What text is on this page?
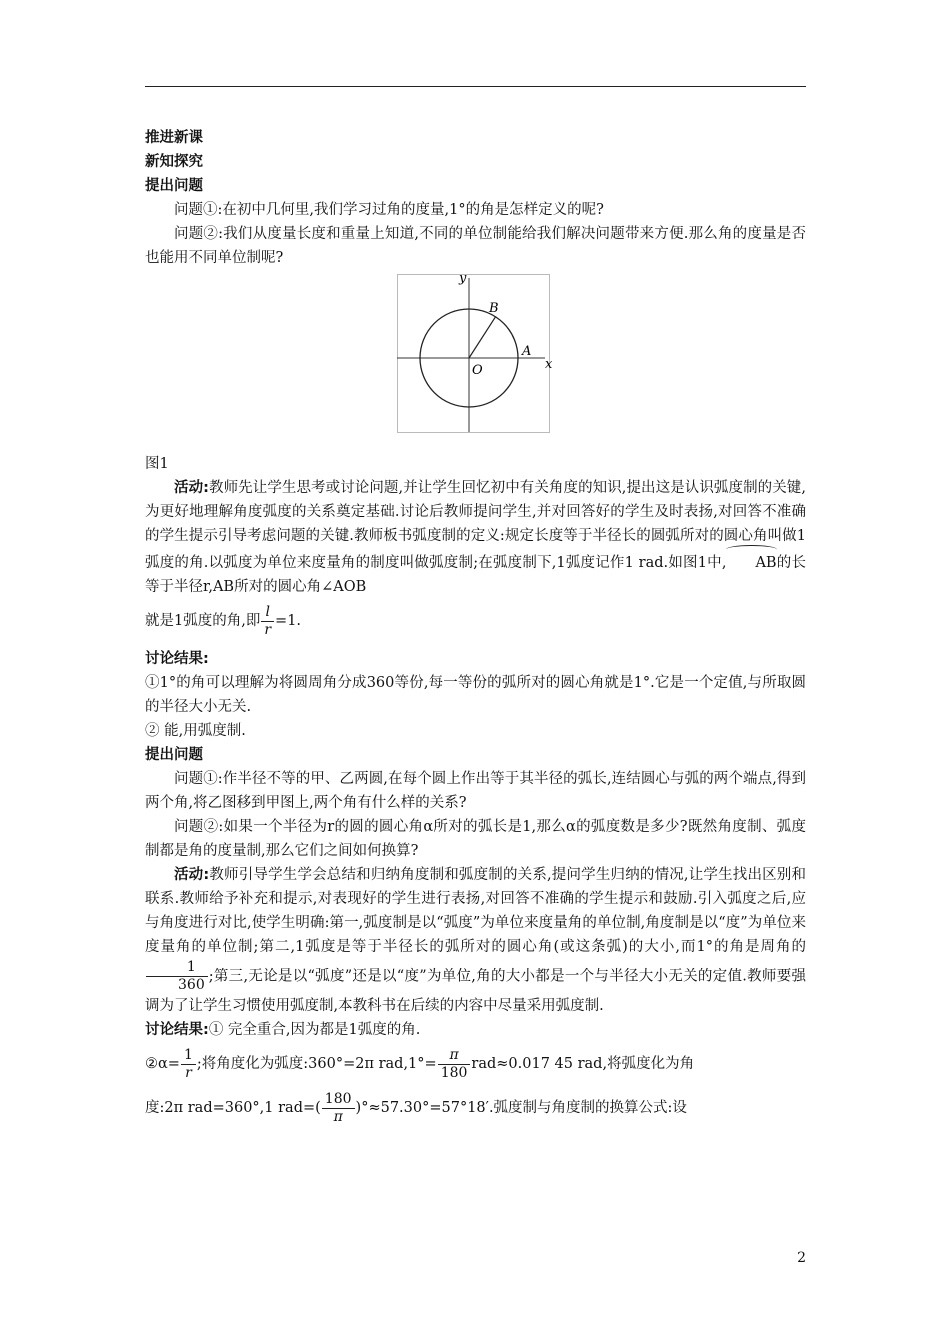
推进新课

新知探究

提出问题

问题①:在初中几何里,我们学习过角的度量,1°的角是怎样定义的呢?

问题②:我们从度量长度和重量上知道,不同的单位制能给我们解决问题带来方便.那么角的度量是否也能用不同单位制呢?

y
x
B
A
O

图1

活动:教师先让学生思考或讨论问题,并让学生回忆初中有关角度的知识,提出这是认识弧度制的关键,为更好地理解角度弧度的关系奠定基础.讨论后教师提问学生,并对回答好的学生及时表扬,对回答不准确的学生提示引导考虑问题的关键.教师板书弧度制的定义:规定长度等于半径长的圆弧所对的圆心角叫做1弧度的角.以弧度为单位来度量角的制度叫做弧度制;在弧度制下,1弧度记作1 rad.如图1中, AB的长等于半径r,AB所对的圆心角∠AOB

就是1弧度的角,即 $\frac{l}{r} =1$.

讨论结果:

①1°的角可以理解为将圆周角分成360等份,每一等份的弧所对的圆心角就是1°.它是一个定值,与所取圆的半径大小无关.

② 能,用弧度制.

提出问题

问题①:作半径不等的甲、乙两圆,在每个圆上作出等于其半径的弧长,连结圆心与弧的两个端点,得到两个角,将乙图移到甲图上,两个角有什么样的关系?

问题②:如果一个半径为r的圆的圆心角α所对的弧长是1,那么α的弧度数是多少?既然角度制、弧度制都是角的度量制,那么它们之间如何换算?

活动:教师引导学生学会总结和归纳角度制和弧度制的关系,提问学生归纳的情况,让学生找出区别和联系.教师给予补充和提示,对表现好的学生进行表扬,对回答不准确的学生提示和鼓励.引入弧度之后,应与角度进行对比,使学生明确:第一,弧度制是以“弧度”为单位来度量角的单位制,角度制是以“度”为单位来度量角的单位制;第二,1弧度是等于半径长的弧所对的圆心角(或这条弧)的大小,而1°的角是周角的
$\frac{1}{360}$ ;第三,无论是以“弧度”还是以“度”为单位,角的大小都是一个与半径大小无关的定值.教师要强调为了让学生习惯使用弧度制,本教科书在后续的内容中尽量采用弧度制.

讨论结果:① 完全重合,因为都是1弧度的角.

②α= $\frac{1}{r}$ ;将角度化为弧度:360°=2π $rad,1^\circ= \frac{\pi}{180} rad\approx 0.017$ 45 rad,将弧度化为角

度:2π rad=360°,1 $rad=( \frac{180}{\pi} )^\circ\approx 57.30^\circ=57^\circ 18'$.弧度制与角度制的换算公式:设

2
